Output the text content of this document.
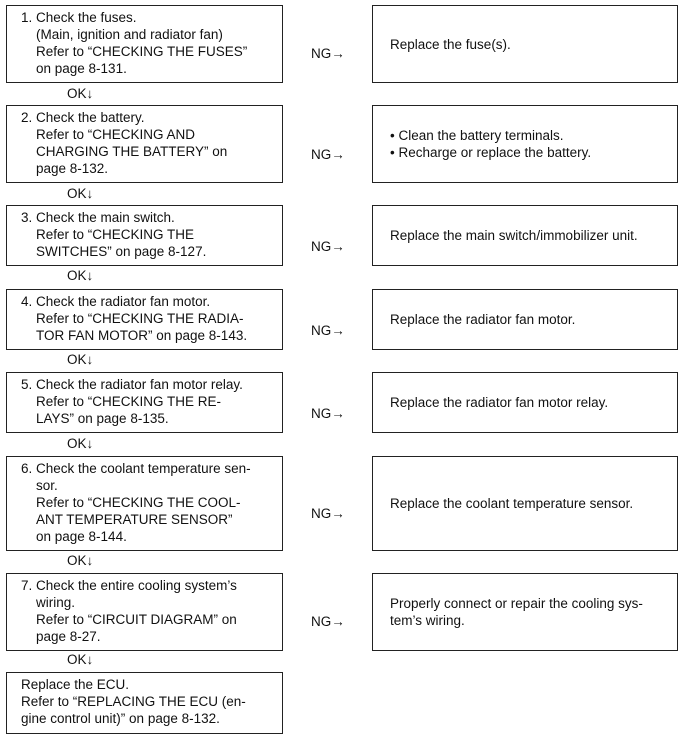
1. Check the fuses.
(Main, ignition and radiator fan)
Refer to “CHECKING THE FUSES”
on page 8-131.
NG→
Replace the fuse(s).
OK↓
2. Check the battery.
Refer to “CHECKING AND
CHARGING THE BATTERY” on
page 8-132.
NG→
• Clean the battery terminals.
• Recharge or replace the battery.
OK↓
3. Check the main switch.
Refer to “CHECKING THE
SWITCHES” on page 8-127.	NG→
Replace the main switch/immobilizer unit.
OK↓
4. Check the radiator fan motor.
Refer to “CHECKING THE RADIA-
TOR FAN MOTOR” on page 8-143.	NG→
Replace the radiator fan motor.
OK↓
5. Check the radiator fan motor relay.
Refer to “CHECKING THE RE-
LAYS” on page 8-135.	NG→
Replace the radiator fan motor relay.
OK↓
6. Check the coolant temperature sen-
sor.
Refer to “CHECKING THE COOL-
ANT TEMPERATURE SENSOR”
on page 8-144.
NG→
Replace the coolant temperature sensor.
OK↓
7. Check the entire cooling system’s
wiring.
Refer to “CIRCUIT DIAGRAM” on
page 8-27.
NG→
Properly connect or repair the cooling sys-
tem’s wiring.
OK↓
Replace the ECU.
Refer to “REPLACING THE ECU (en-
gine control unit)” on page 8-132.
